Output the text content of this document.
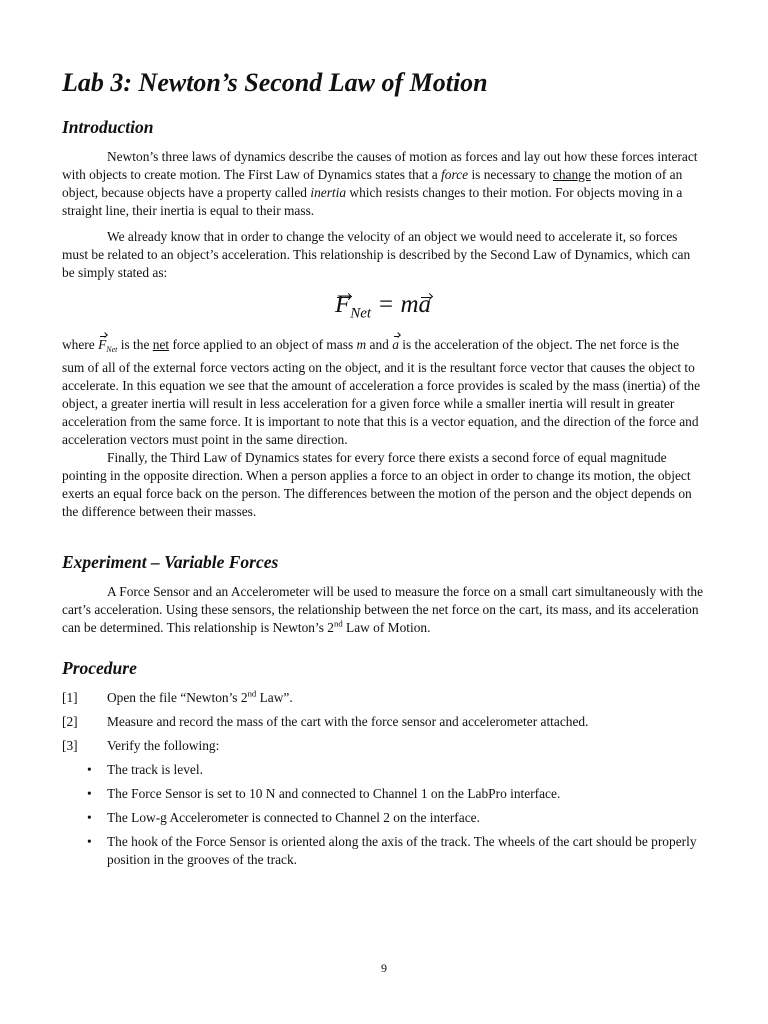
Lab 3: Newton’s Second Law of Motion
Introduction

Newton’s three laws of dynamics describe the causes of motion as forces and lay out how these forces interact with objects to create motion. The First Law of Dynamics states that a force is necessary to change the motion of an object, because objects have a property called inertia which resists changes to their motion. For objects moving in a straight line, their inertia is equal to their mass.

We already know that in order to change the velocity of an object we would need to accelerate it, so forces must be related to an object’s acceleration. This relationship is described by the Second Law of Dynamics, which can be simply stated as:

$F_{Net}$ = ma

where $F_{Net}$ is the net force applied to an object of mass m and a is the acceleration of the object. The net force is the sum of all of the external force vectors acting on the object, and it is the resultant force vector that causes the object to accelerate. In this equation we see that the amount of acceleration a force provides is scaled by the mass (inertia) of the object, a greater inertia will result in less acceleration for a given force while a smaller inertia will result in greater acceleration from the same force. It is important to note that this is a vector equation, and the direction of the force and acceleration vectors must point in the same direction.

Finally, the Third Law of Dynamics states for every force there exists a second force of equal magnitude pointing in the opposite direction. When a person applies a force to an object in order to change its motion, the object exerts an equal force back on the person. The differences between the motion of the person and the object depends on the difference between their masses.

Experiment – Variable Forces

A Force Sensor and an Accelerometer will be used to measure the force on a small cart simultaneously with the cart’s acceleration. Using these sensors, the relationship between the net force on the cart, its mass, and its acceleration can be determined. This relationship is Newton’s 2nd Law of Motion.

Procedure
[1]	Open the file “Newton’s 2nd Law”.
[2]	Measure and record the mass of the cart with the force sensor and accelerometer attached.
[3]	Verify the following:
•	The track is level.
•	The Force Sensor is set to 10 N and connected to Channel 1 on the LabPro interface.
•	The Low-g Accelerometer is connected to Channel 2 on the interface.
•	The hook of the Force Sensor is oriented along the axis of the track. The wheels of the cart should be properly position in the grooves of the track.
9
